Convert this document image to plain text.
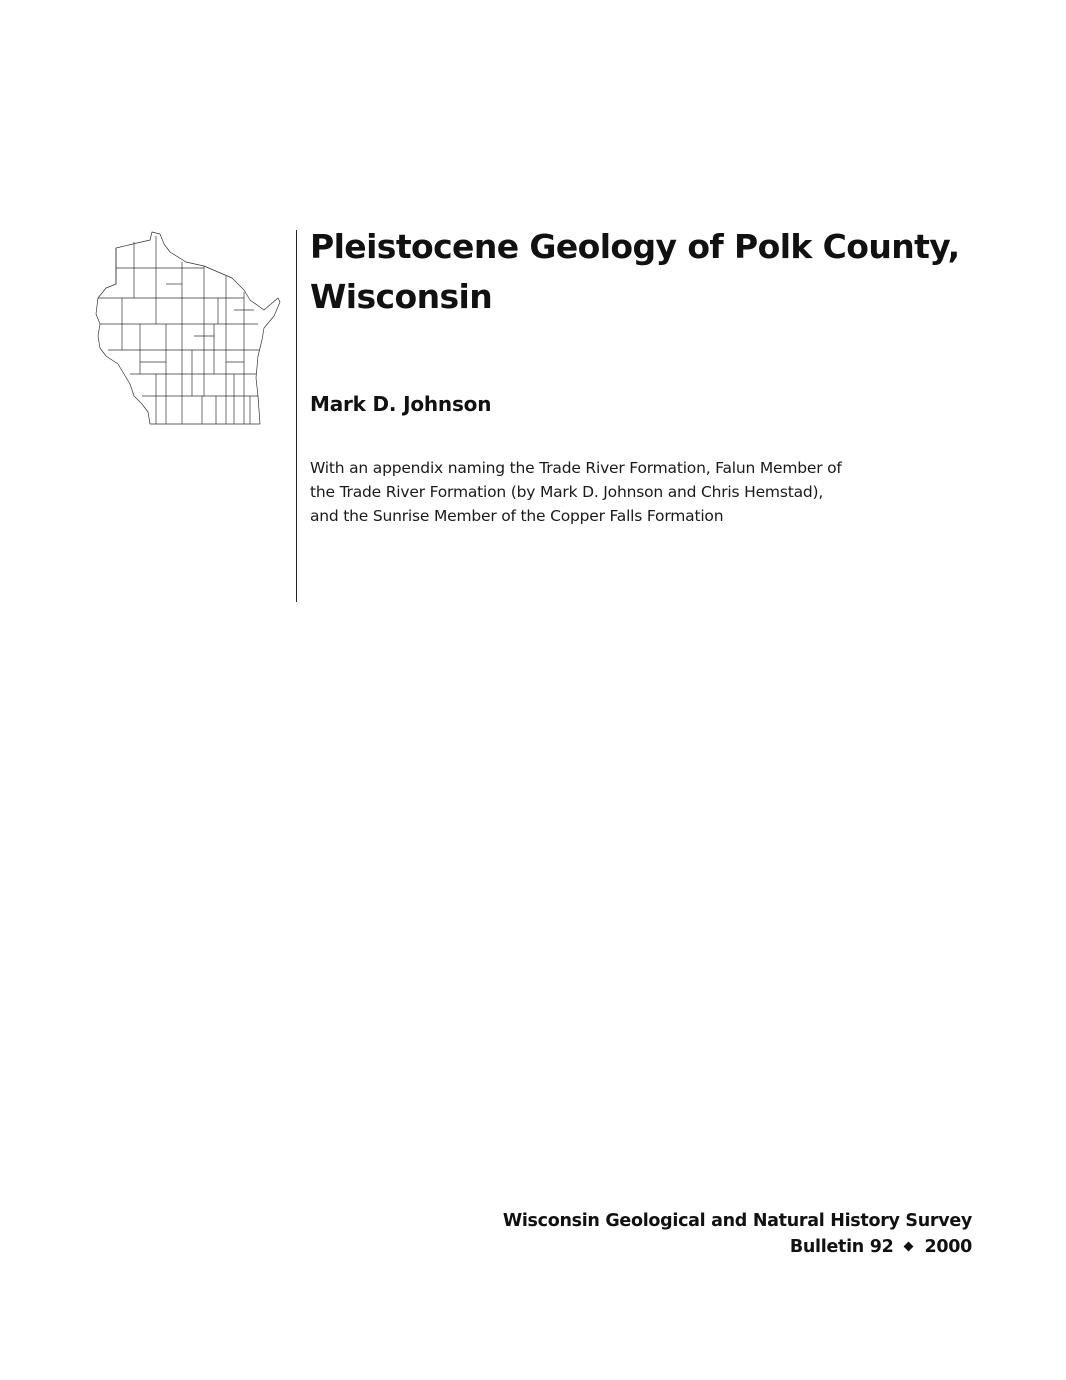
Pleistocene Geology of Polk County, Wisconsin
Mark D. Johnson

With an appendix naming the Trade River Formation, Falun Member of the Trade River Formation (by Mark D. Johnson and Chris Hemstad), and the Sunrise Member of the Copper Falls Formation

Wisconsin Geological and Natural History Survey
Bulletin 92 2000
